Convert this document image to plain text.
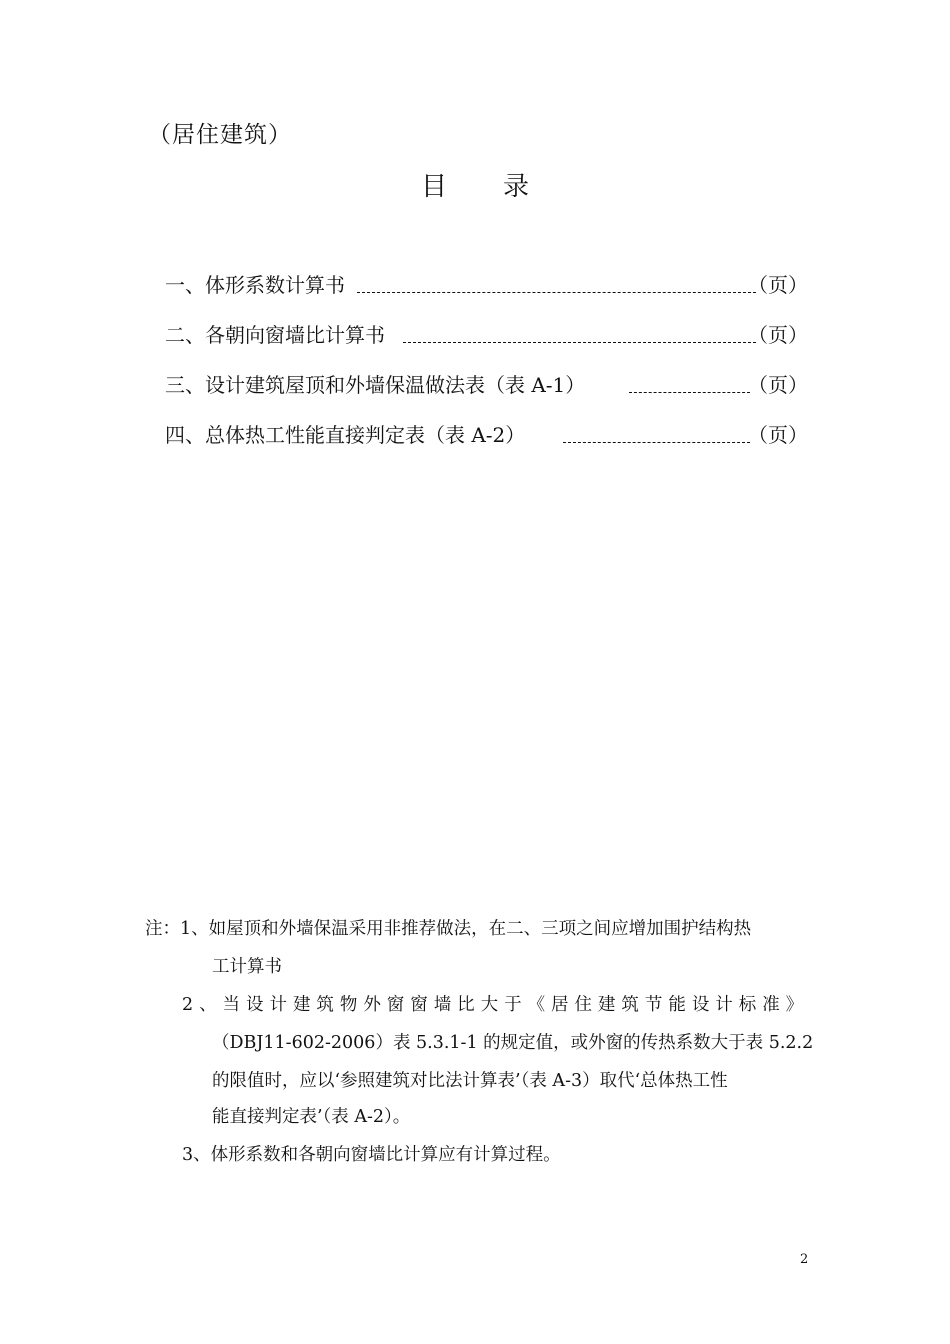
（居住建筑）
目录
一、体形系数计算书	（页）
二、各朝向窗墙比计算书	（页）
三、设计建筑屋顶和外墙保温做法表（表 A-1）	（页）
四、总体热工性能直接判定表（表 A-2）	（页）
注：1、如屋顶和外墙保温采用非推荐做法，在二、三项之间应增加围护结构热
工计算书
2 、 当 设 计 建 筑 物 外 窗 窗 墙 比 大 于 《 居 住 建 筑 节 能 设 计 标 准 》
（DBJ11-602-2006）表 5.3.1-1 的规定值，或外窗的传热系数大于表 5.2.2
的限值时，应以‘参照建筑对比法计算表’（表 A-3）取代‘总体热工性
能直接判定表’（表 A-2）。
3、体形系数和各朝向窗墙比计算应有计算过程。
2
